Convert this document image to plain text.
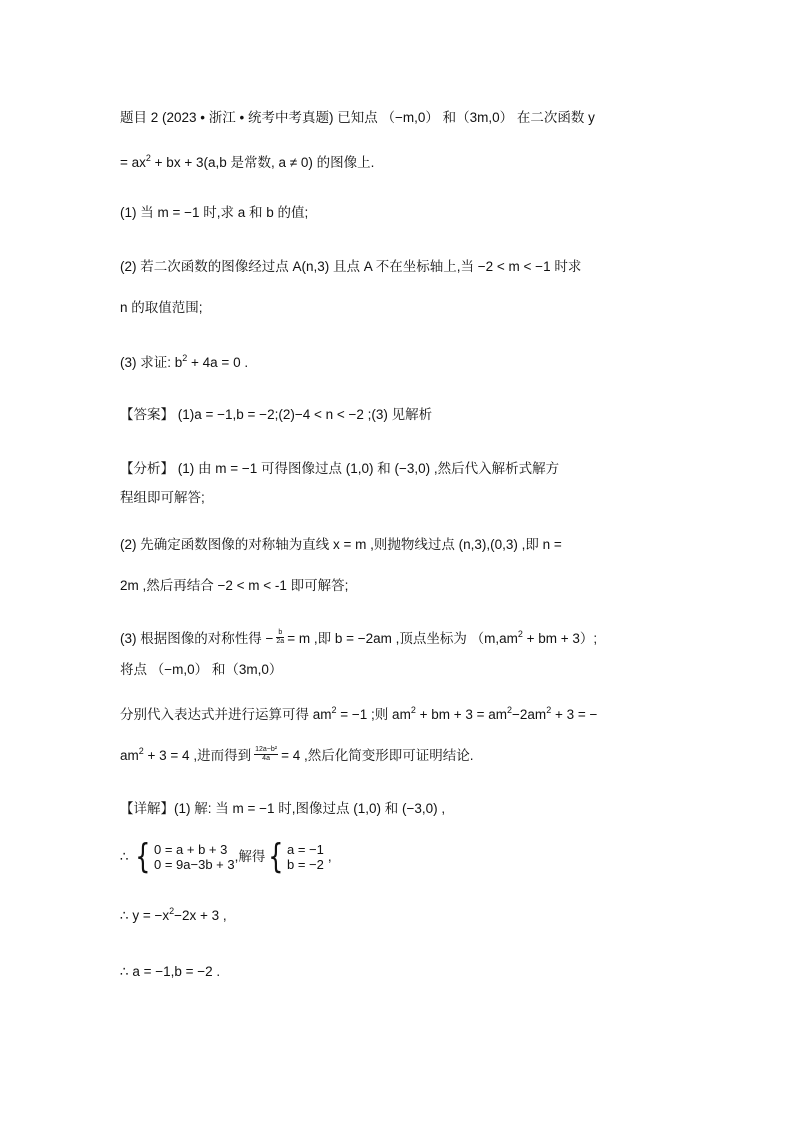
题目 2 (2023 • 浙江 • 统考中考真题) 已知点 （−m,0） 和（3m,0） 在二次函数 y
= $ax^2$ + bx + 3(a,b 是常数, a ≠ 0) 的图像上.
(1) 当 m = −1 时,求 a 和 b 的值;
(2) 若二次函数的图像经过点 A(n,3) 且点 A 不在坐标轴上,当 −2 < m < −1 时求
n 的取值范围;
(3) 求证: $b^2 + 4a = 0$ .
【答案】 (1)a = −1,b = −2;(2)−4 < n < −2 ;(3) 见解析
【分析】 (1) 由 m = −1 可得图像过点 (1,0) 和 (−3,0) ,然后代入解析式解方
程组即可解答;
(2) 先确定函数图像的对称轴为直线 x = m ,则抛物线过点 (n,3),(0,3) ,即 n =
2m ,然后再结合 −2 < m < -1 即可解答;
(3) 根据图像的对称性得 − $\frac{b}{2a} = m$ ,即 b = −2am ,顶点坐标为 （$m,am^2$ + bm + 3）;
将点 （−m,0） 和（3m,0）
分别代入表达式并进行运算可得 $am^2 = -1$ ;则 $am^2$ + bm + $3 = am^2-2am^2 + 3$ = −
$am^2 + 3 = 4$ ,进而得到 $\frac{\text{12a−b²}}{4a} = 4$ ,然后化简变形即可证明结论.
【详解】(1) 解: 当 m = −1 时,图像过点 (1,0) 和 (−3,0) ,
∴ { 0 = a + b + 3
0 = 9a−3b + 3
,解得{ a = −1
b = −2
,
∴ $y = -x^2-2x + 3$ ,
∴ a = −1,b = −2 .
